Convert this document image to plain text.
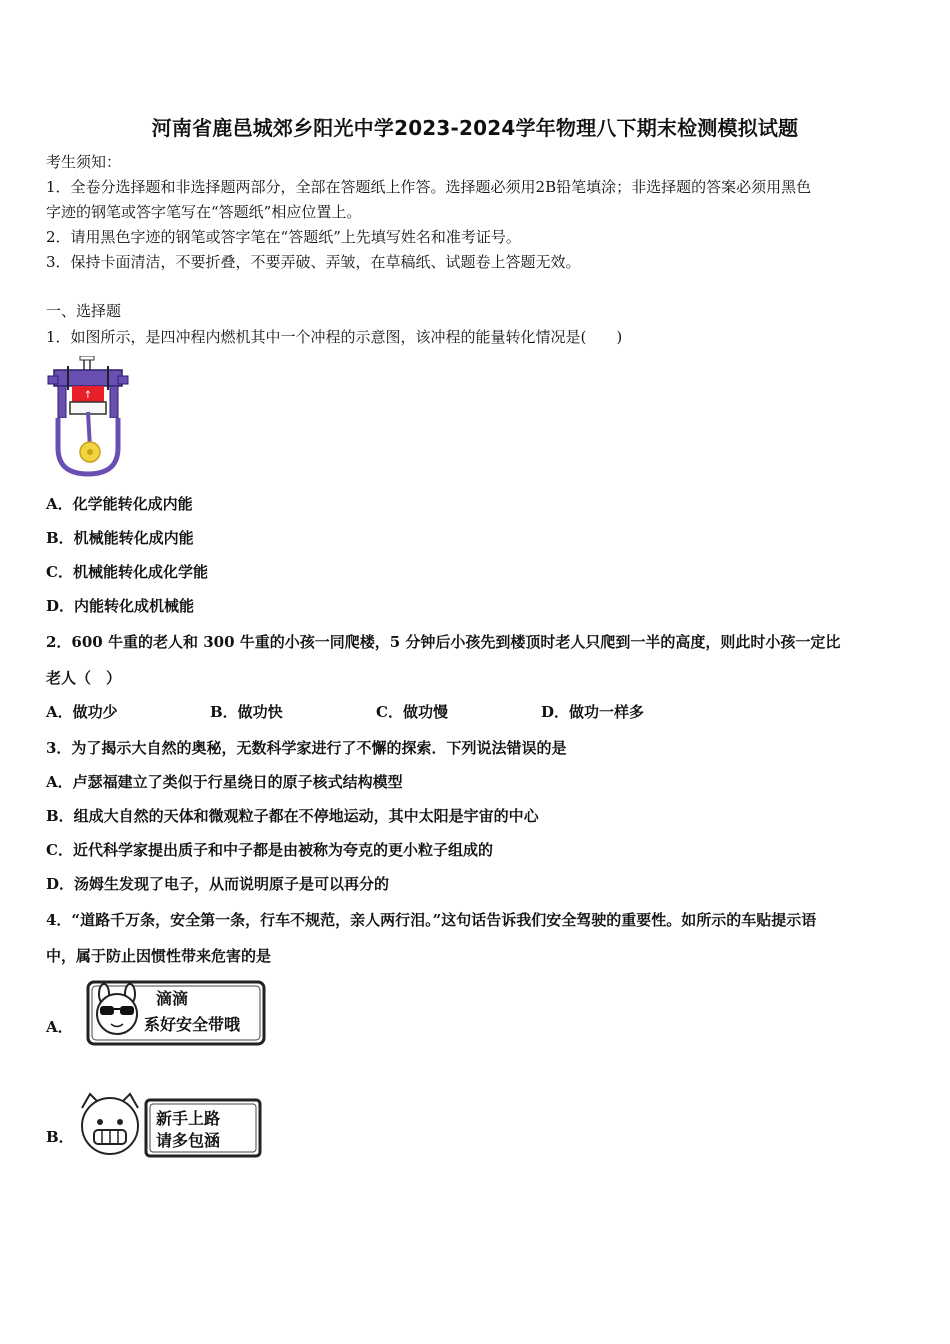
河南省鹿邑城郊乡阳光中学2023-2024学年物理八下期末检测模拟试题
考生须知：
1．全卷分选择题和非选择题两部分，全部在答题纸上作答。选择题必须用2B铅笔填涂；非选择题的答案必须用黑色
字迹的钢笔或答字笔写在“答题纸”相应位置上。
2．请用黑色字迹的钢笔或答字笔在“答题纸”上先填写姓名和准考证号。
3．保持卡面清洁，不要折叠，不要弄破、弄皱，在草稿纸、试题卷上答题无效。
一、选择题
1．如图所示，是四冲程内燃机其中一个冲程的示意图，该冲程的能量转化情况是(　　)
↑
A．化学能转化成内能
B．机械能转化成内能
C．机械能转化成化学能
D．内能转化成机械能
2．600 牛重的老人和 300 牛重的小孩一同爬楼，5 分钟后小孩先到楼顶时老人只爬到一半的高度，则此时小孩一定比
老人（　）
A．做功少	B．做功快	C．做功慢	D．做功一样多
3．为了揭示大自然的奥秘，无数科学家进行了不懈的探索．下列说法错误的是
A．卢瑟福建立了类似于行星绕日的原子核式结构模型
B．组成大自然的天体和微观粒子都在不停地运动，其中太阳是宇宙的中心
C．近代科学家提出质子和中子都是由被称为夸克的更小粒子组成的
D．汤姆生发现了电子，从而说明原子是可以再分的
4．“道路千万条，安全第一条，行车不规范，亲人两行泪。”这句话告诉我们安全驾驶的重要性。如所示的车贴提示语
中，属于防止因惯性带来危害的是
A．
滴滴
系好安全带哦
B．
新手上路
请多包涵
